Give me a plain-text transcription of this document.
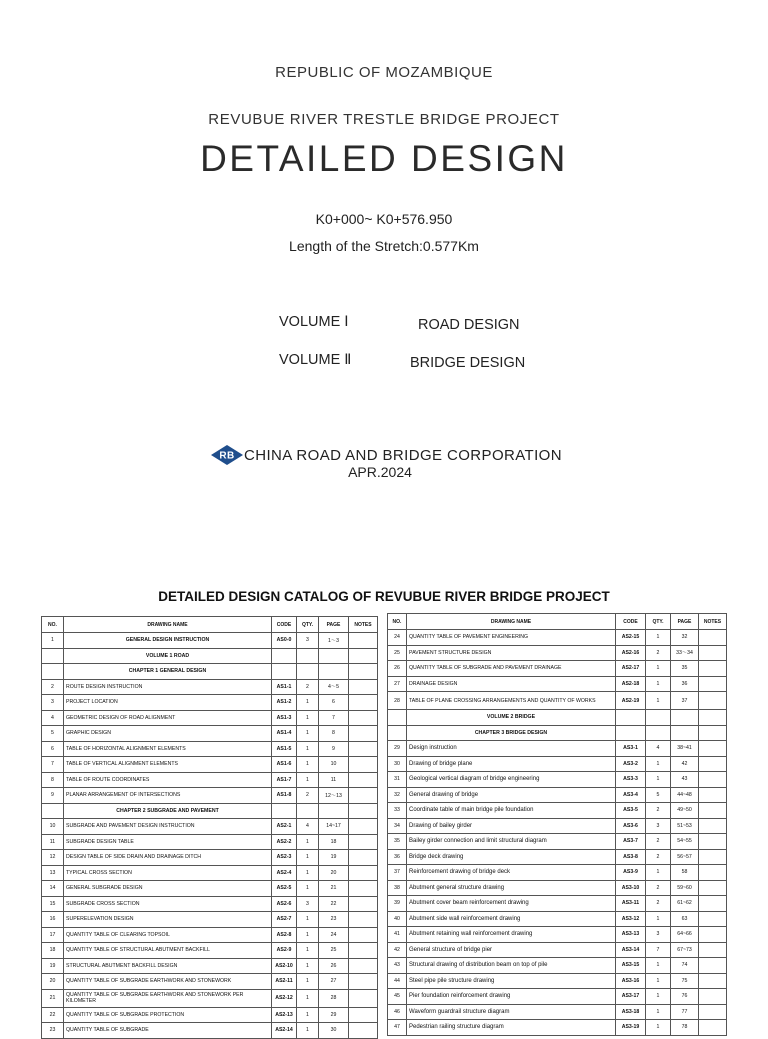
REPUBLIC OF MOZAMBIQUE
REVUBUE RIVER TRESTLE BRIDGE PROJECT
DETAILED DESIGN
K0+000~ K0+576.950
Length of the Stretch:0.577Km
VOLUME Ⅰ	ROAD DESIGN
VOLUME Ⅱ	BRIDGE DESIGN
RB CHINA ROAD AND BRIDGE CORPORATION
APR.2024
DETAILED DESIGN CATALOG OF REVUBUE RIVER BRIDGE PROJECT
NO.	DRAWING NAME	CODE	QTY.	PAGE	NOTES
1	GENERAL DESIGN INSTRUCTION	AS0-0	3	1～3	
	VOLUME 1 ROAD				
	CHAPTER 1 GENERAL DESIGN				
2	ROUTE DESIGN INSTRUCTION	AS1-1	2	4～5	
3	PROJECT LOCATION	AS1-2	1	6	
4	GEOMETRIC DESIGN OF ROAD ALIGNMENT	AS1-3	1	7	
5	GRAPHIC DESIGN	AS1-4	1	8	
6	TABLE OF HORIZONTAL ALIGNMENT ELEMENTS	AS1-5	1	9	
7	TABLE OF VERTICAL ALIGNMENT ELEMENTS	AS1-6	1	10	
8	TABLE OF ROUTE COORDINATES	AS1-7	1	11	
9	PLANAR ARRANGEMENT OF INTERSECTIONS	AS1-8	2	12～13	
	CHAPTER 2 SUBGRADE AND PAVEMENT				
10	SUBGRADE AND PAVEMENT DESIGN INSTRUCTION	AS2-1	4	14~17	
11	SUBGRADE DESIGN TABLE	AS2-2	1	18	
12	DESIGN TABLE OF SIDE DRAIN AND DRAINAGE DITCH	AS2-3	1	19	
13	TYPICAL CROSS SECTION	AS2-4	1	20	
14	GENERAL SUBGRADE DESIGN	AS2-5	1	21	
15	SUBGRADE CROSS SECTION	AS2-6	3	22	
16	SUPERELEVATION DESIGN	AS2-7	1	23	
17	QUANTITY TABLE OF CLEARING TOPSOIL	AS2-8	1	24	
18	QUANTITY TABLE OF STRUCTURAL ABUTMENT BACKFILL	AS2-9	1	25	
19	STRUCTURAL ABUTMENT BACKFILL DESIGN	AS2-10	1	26	
20	QUANTITY TABLE OF SUBGRADE EARTHWORK AND STONEWORK	AS2-11	1	27	
21	QUANTITY TABLE OF SUBGRADE EARTHWORK AND STONEWORK PER KILOMETER	AS2-12	1	28	
22	QUANTITY TABLE OF SUBGRADE PROTECTION	AS2-13	1	29	
23	QUANTITY TABLE OF SUBGRADE	AS2-14	1	30	
NO.	DRAWING NAME	CODE	QTY.	PAGE	NOTES
24	QUANTITY TABLE OF PAVEMENT ENGINEERING	AS2-15	1	32	
25	PAVEMENT STRUCTURE DESIGN	AS2-16	2	33～34	
26	QUANTITY TABLE OF SUBGRADE AND PAVEMENT DRAINAGE	AS2-17	1	35	
27	DRAINAGE DESIGN	AS2-18	1	36	
28	TABLE OF PLANE CROSSING ARRANGEMENTS AND QUANTITY OF WORKS	AS2-19	1	37	
	VOLUME 2 BRIDGE				
	CHAPTER 3 BRIDGE DESIGN				
29	Design instruction	AS3-1	4	38~41	
30	Drawing of bridge plane	AS3-2	1	42	
31	Geological vertical diagram of bridge engineering	AS3-3	1	43	
32	General drawing of bridge	AS3-4	5	44~48	
33	Coordinate table of main bridge pile foundation	AS3-5	2	49~50	
34	Drawing of bailey girder	AS3-6	3	51~53	
35	Bailey girder connection and limit structural diagram	AS3-7	2	54~55	
36	Bridge deck drawing	AS3-8	2	56~57	
37	Reinforcement drawing of bridge deck	AS3-9	1	58	
38	Abutment general structure drawing	AS3-10	2	59~60	
39	Abutment cover beam reinforcement drawing	AS3-11	2	61~62	
40	Abutment side wall reinforcement drawing	AS3-12	1	63	
41	Abutment retaining wall reinforcement drawing	AS3-13	3	64~66	
42	General structure of bridge pier	AS3-14	7	67~73	
43	Structural drawing of distribution beam on top of pile	AS3-15	1	74	
44	Steel pipe pile structure drawing	AS3-16	1	75	
45	Pier foundation reinforcement drawing	AS3-17	1	76	
46	Waveform guardrail structure diagram	AS3-18	1	77	
47	Pedestrian railing structure diagram	AS3-19	1	78	
